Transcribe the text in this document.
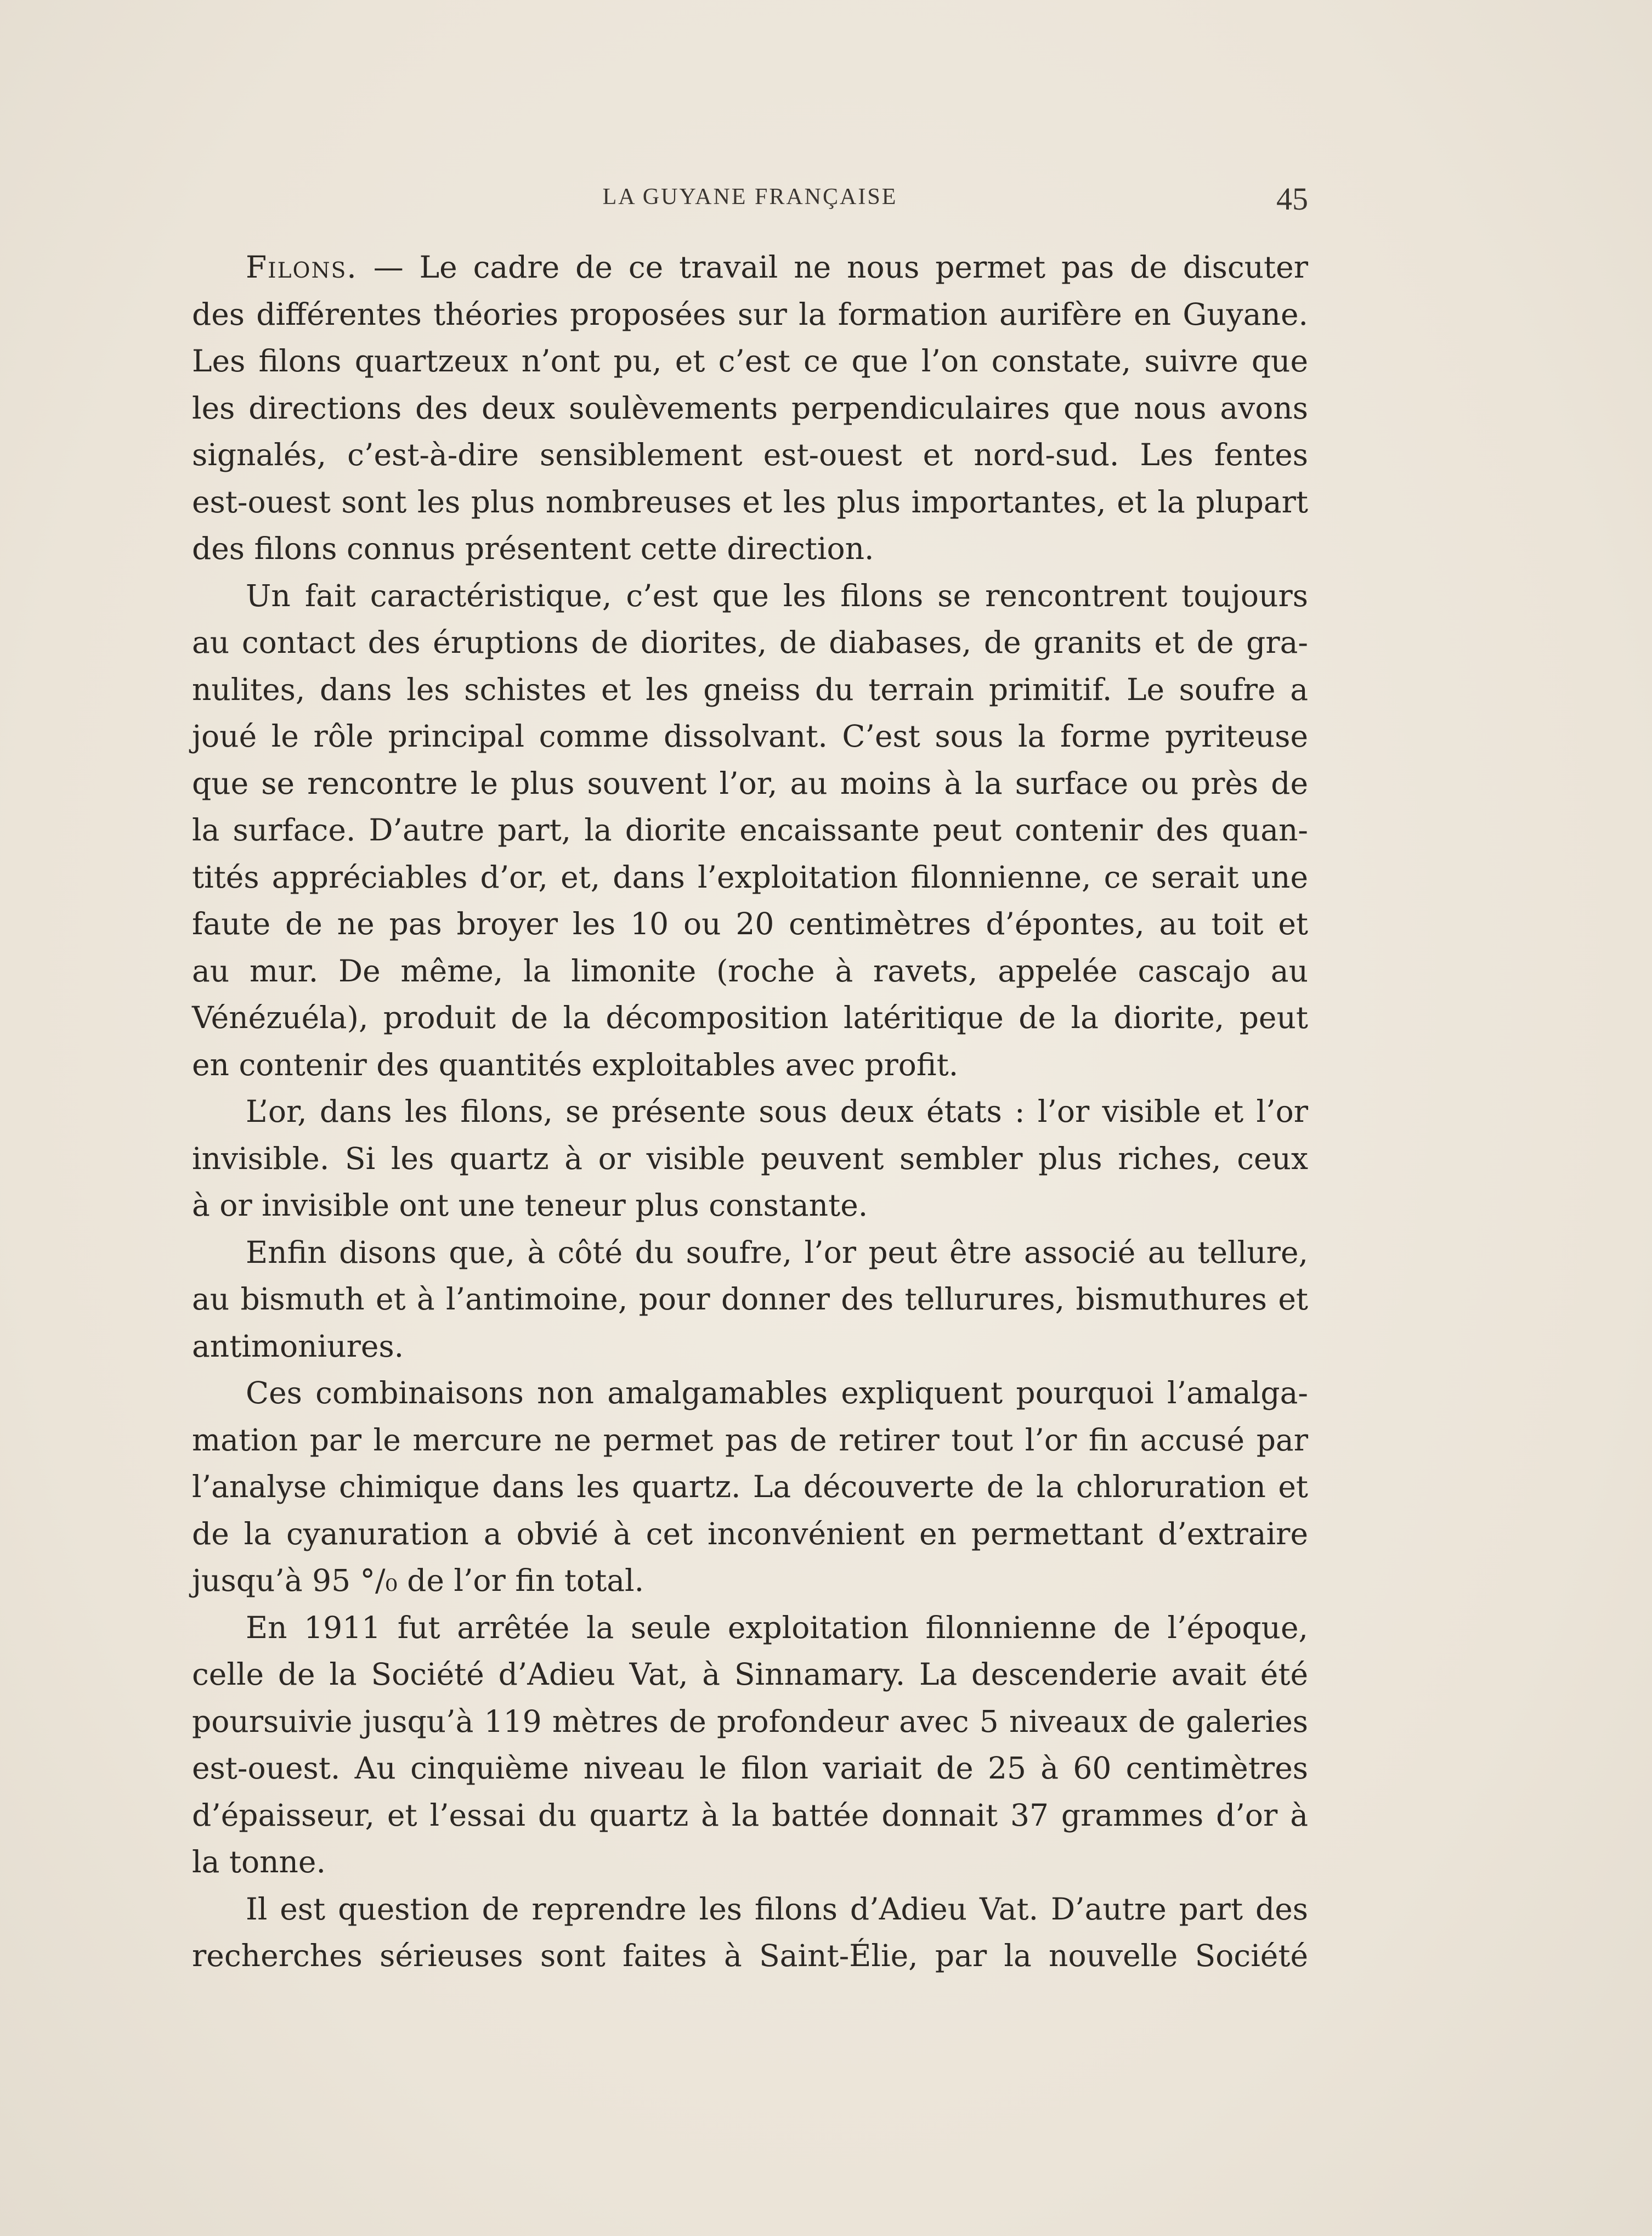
LA GUYANE FRANÇAISE	45
Filons. — Le cadre de ce travail ne nous permet pas de discuter
des différentes théories proposées sur la formation aurifère en Guyane.
Les filons quartzeux n’ont pu, et c’est ce que l’on constate, suivre que
les directions des deux soulèvements perpendiculaires que nous avons
signalés, c’est-à-dire sensiblement est-ouest et nord-sud. Les fentes
est-ouest sont les plus nombreuses et les plus importantes, et la plupart
des filons connus présentent cette direction.
Un fait caractéristique, c’est que les filons se rencontrent toujours
au contact des éruptions de diorites, de diabases, de granits et de gra-
nulites, dans les schistes et les gneiss du terrain primitif. Le soufre a
joué le rôle principal comme dissolvant. C’est sous la forme pyriteuse
que se rencontre le plus souvent l’or, au moins à la surface ou près de
la surface. D’autre part, la diorite encaissante peut contenir des quan-
tités appréciables d’or, et, dans l’exploitation filonnienne, ce serait une
faute de ne pas broyer les 10 ou 20 centimètres d’épontes, au toit et
au mur. De même, la limonite (roche à ravets, appelée cascajo au
Vénézuéla), produit de la décomposition latéritique de la diorite, peut
en contenir des quantités exploitables avec profit.
L’or, dans les filons, se présente sous deux états : l’or visible et l’or
invisible. Si les quartz à or visible peuvent sembler plus riches, ceux
à or invisible ont une teneur plus constante.
Enfin disons que, à côté du soufre, l’or peut être associé au tellure,
au bismuth et à l’antimoine, pour donner des tellurures, bismuthures et
antimoniures.
Ces combinaisons non amalgamables expliquent pourquoi l’amalga-
mation par le mercure ne permet pas de retirer tout l’or fin accusé par
l’analyse chimique dans les quartz. La découverte de la chloruration et
de la cyanuration a obvié à cet inconvénient en permettant d’extraire
jusqu’à 95 °/₀ de l’or fin total.
En 1911 fut arrêtée la seule exploitation filonnienne de l’époque,
celle de la Société d’Adieu Vat, à Sinnamary. La descenderie avait été
poursuivie jusqu’à 119 mètres de profondeur avec 5 niveaux de galeries
est-ouest. Au cinquième niveau le filon variait de 25 à 60 centimètres
d’épaisseur, et l’essai du quartz à la battée donnait 37 grammes d’or à
la tonne.
Il est question de reprendre les filons d’Adieu Vat. D’autre part des
recherches sérieuses sont faites à Saint-Élie, par la nouvelle Société
